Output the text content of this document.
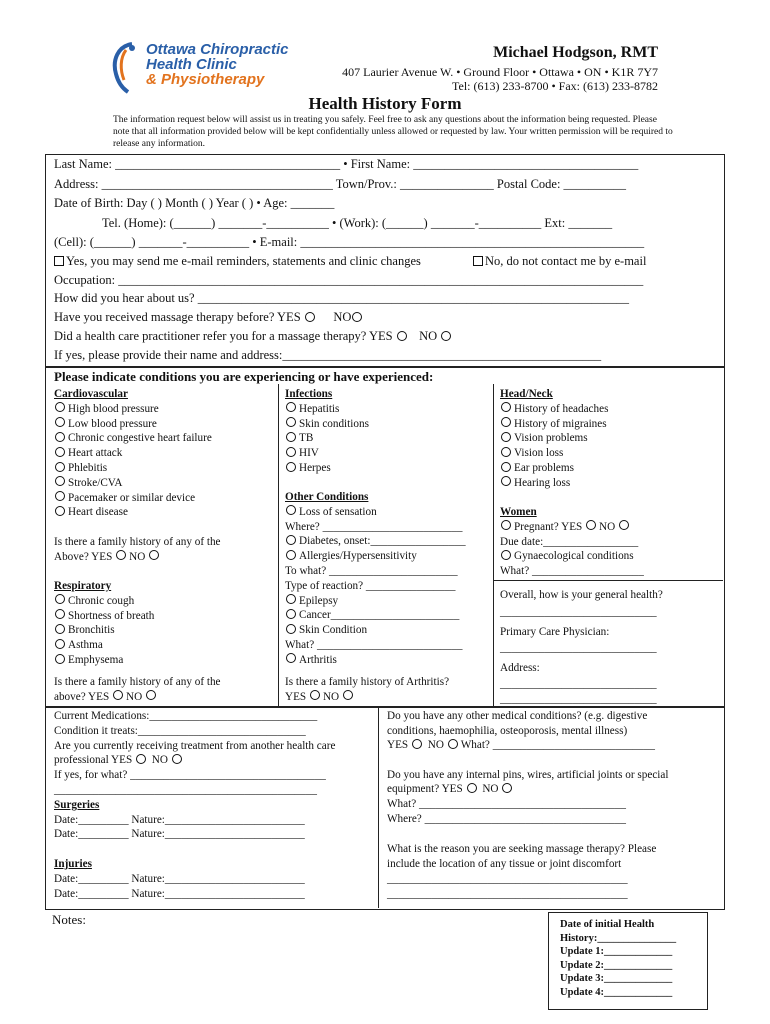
Ottawa Chiropractic
Health Clinic
& Physiotherapy
Michael Hodgson, RMT
407 Laurier Avenue W. • Ground Floor • Ottawa • ON • K1R 7Y7
Tel: (613) 233-8700 • Fax: (613) 233-8782
Health History Form
The information request below will assist us in treating you safely. Feel free to ask any questions about the information being requested. Please note that all information provided below will be kept confidentially unless allowed or requested by law. Your written permission will be required to release any information.
Last Name: ____________________________________ • First Name: ____________________________________
Address: _____________________________________ Town/Prov.: _______________ Postal Code: __________
Date of Birth: Day ( ) Month ( ) Year ( ) • Age: _______
Tel. (Home): (______) _______-__________ • (Work): (______) _______-__________ Ext: _______
(Cell): (______) _______-__________ • E-mail: _______________________________________________________
Yes, you may send me e-mail reminders, statements and clinic changes	No, do not contact me by e-mail
Occupation: ____________________________________________________________________________________
How did you hear about us? _____________________________________________________________________
Have you received massage therapy before? YES	NO
Did a health care practitioner refer you for a massage therapy? YES NO
If yes, please provide their name and address:___________________________________________________
Please indicate conditions you are experiencing or have experienced:
Cardiovascular
High blood pressure
Low blood pressure
Chronic congestive heart failure
Heart attack
Phlebitis
Stroke/CVA
Pacemaker or similar device
Heart disease
Is there a family history of any of the
Above? YES NO
Respiratory
Chronic cough
Shortness of breath
Bronchitis
Asthma
Emphysema
Is there a family history of any of the
above? YES NO
Infections
Hepatitis
Skin conditions
TB
HIV
Herpes
Other Conditions
Loss of sensation
Where? _________________________
Diabetes, onset:_________________
Allergies/Hypersensitivity
To what? _______________________
Type of reaction? ________________
Epilepsy
Cancer_______________________
Skin Condition
What? __________________________
Arthritis
Is there a family history of Arthritis?
YES NO
Head/Neck
History of headaches
History of migraines
Vision problems
Vision loss
Ear problems
Hearing loss
Women
Pregnant? YES NO
Due date:_________________
Gynaecological conditions
What? ____________________
Overall, how is your general health?
____________________________
Primary Care Physician:
____________________________
Address:
____________________________
____________________________
Current Medications:______________________________
Condition it treats:______________________________
Are you currently receiving treatment from another health care
professional YES NO
If yes, for what? ___________________________________
_______________________________________________
Surgeries
Date:_________ Nature:_________________________
Date:_________ Nature:_________________________
Injuries
Date:_________ Nature:_________________________
Date:_________ Nature:_________________________
Do you have any other medical conditions? (e.g. digestive
conditions, haemophilia, osteoporosis, mental illness)
YES NO What? _____________________________
Do you have any internal pins, wires, artificial joints or special
equipment? YES NO
What? _____________________________________
Where? ____________________________________
What is the reason you are seeking massage therapy? Please
include the location of any tissue or joint discomfort
___________________________________________
___________________________________________
Notes:	Date of initial Health
History:_______________
Update 1:_____________
Update 2:_____________
Update 3:_____________
Update 4:_____________
